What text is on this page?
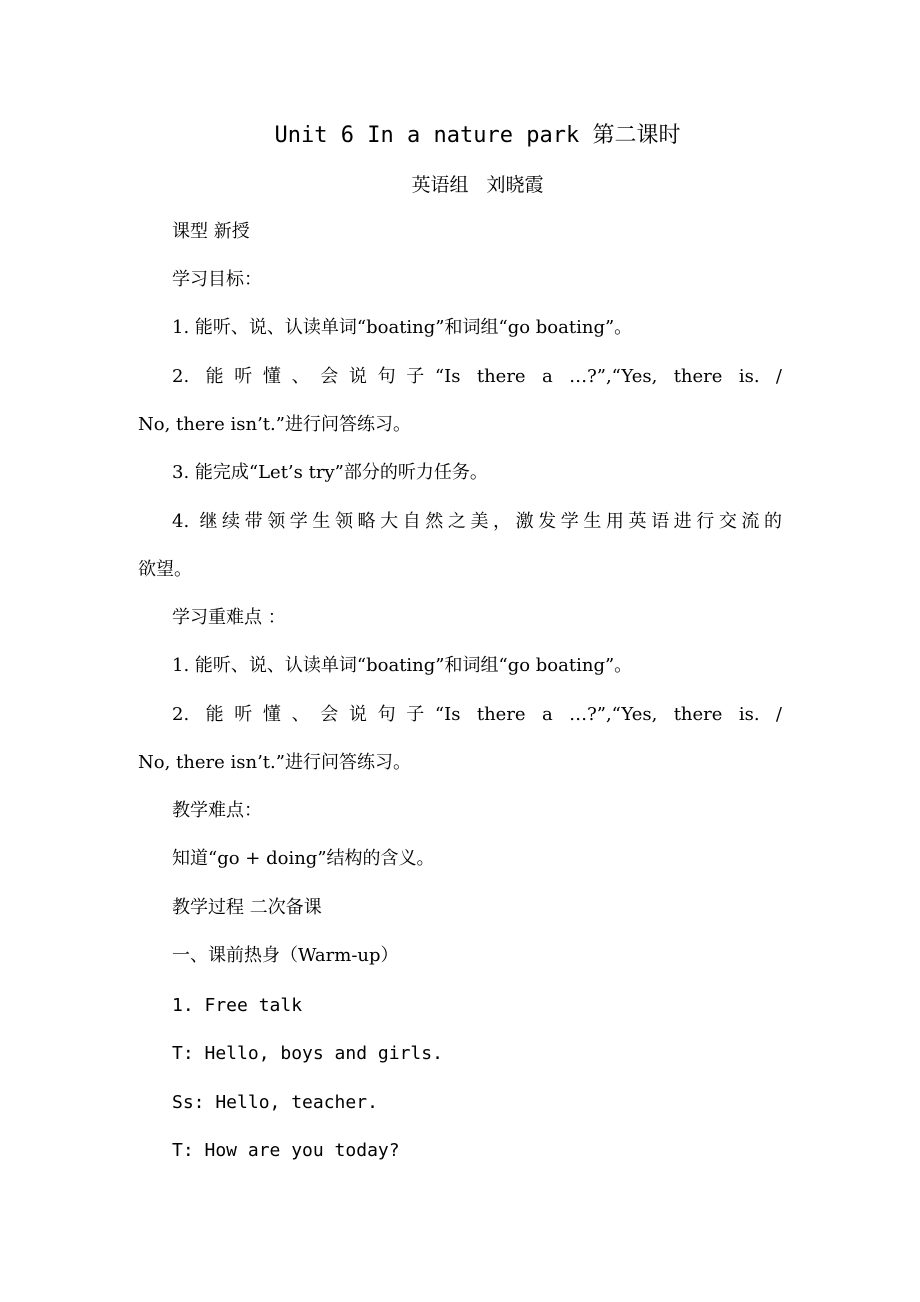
Unit 6 In a nature park 第二课时
英语组   刘晓霞
课型 新授
学习目标：
1. 能听、说、认读单词“boating”和词组“go boating”。
2. 能听懂、会说句子“Is there a …?”,“Yes, there is. /
No, there isn’t.”进行问答练习。
3. 能完成“Let’s try”部分的听力任务。
4. 继续带领学生领略大自然之美，激发学生用英语进行交流的
欲望。
学习重难点 ：
1. 能听、说、认读单词“boating”和词组“go boating”。
2. 能听懂、会说句子“Is there a …?”,“Yes, there is. /
No, there isn’t.”进行问答练习。
教学难点：
知道“go + doing”结构的含义。
教学过程 二次备课
一、课前热身（Warm-up）
1. Free talk
T: Hello, boys and girls.
Ss: Hello, teacher.
T: How are you today?
